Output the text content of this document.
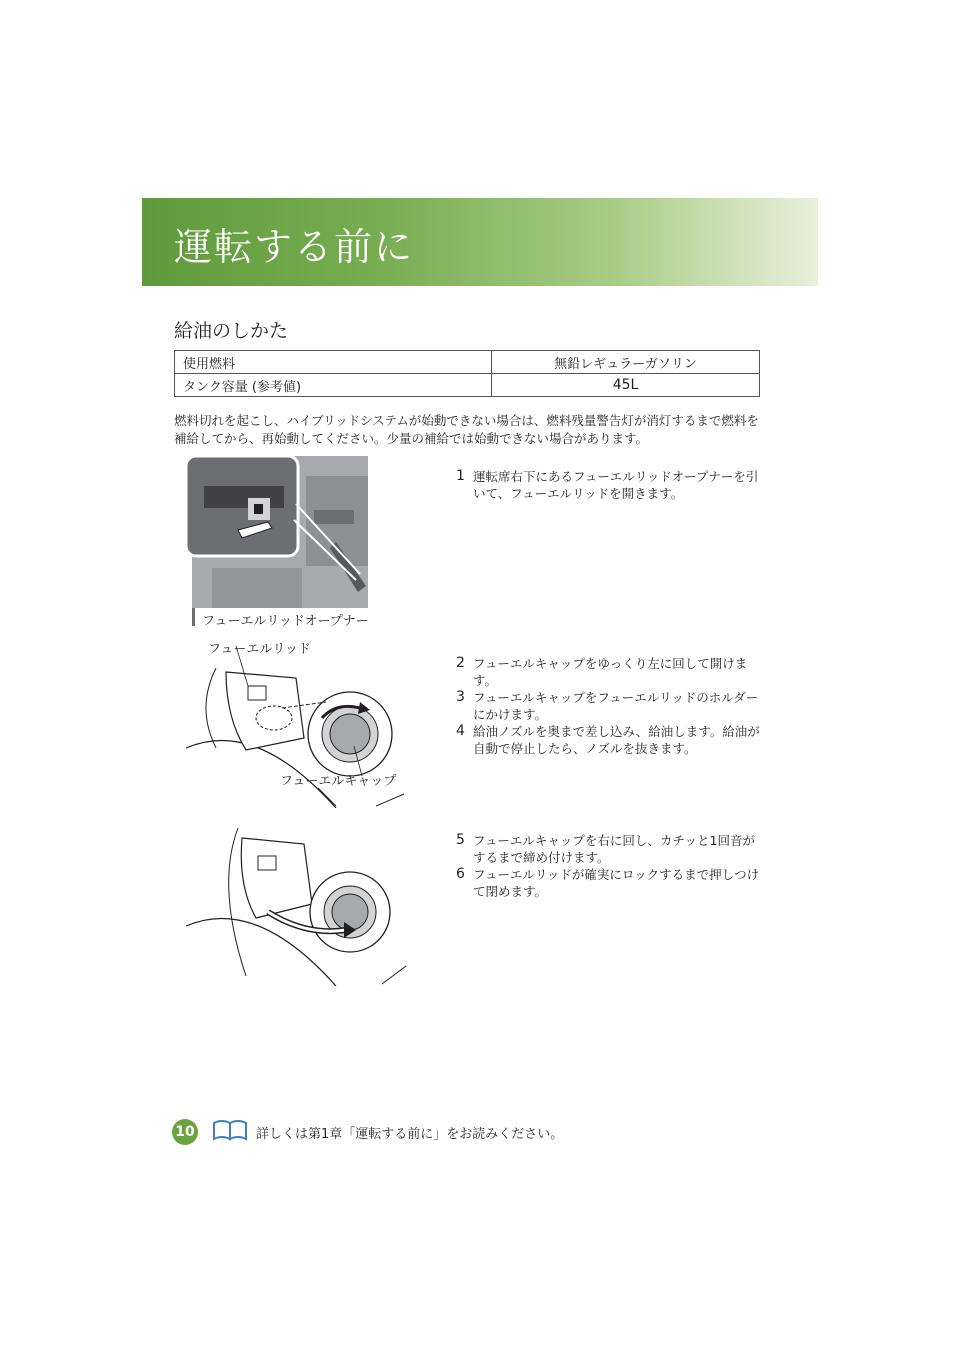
運転する前に
給油のしかた
使用燃料	無鉛レギュラーガソリン
タンク容量 (参考値)	45L
燃料切れを起こし、ハイブリッドシステムが始動できない場合は、燃料残量警告灯が消灯するまで燃料を補給してから、再始動してください。少量の補給では始動できない場合があります。
フューエルリッドオープナー
フューエルリッド
フューエルキャップ
1 運転席右下にあるフューエルリッドオープナーを引いて、フューエルリッドを開きます。
2 フューエルキャップをゆっくり左に回して開けます。
3 フューエルキャップをフューエルリッドのホルダーにかけます。
4 給油ノズルを奥まで差し込み、給油します。給油が自動で停止したら、ノズルを抜きます。
5 フューエルキャップを右に回し、カチッと1回音がするまで締め付けます。
6 フューエルリッドが確実にロックするまで押しつけて閉めます。
10	詳しくは第1章「運転する前に」をお読みください。
